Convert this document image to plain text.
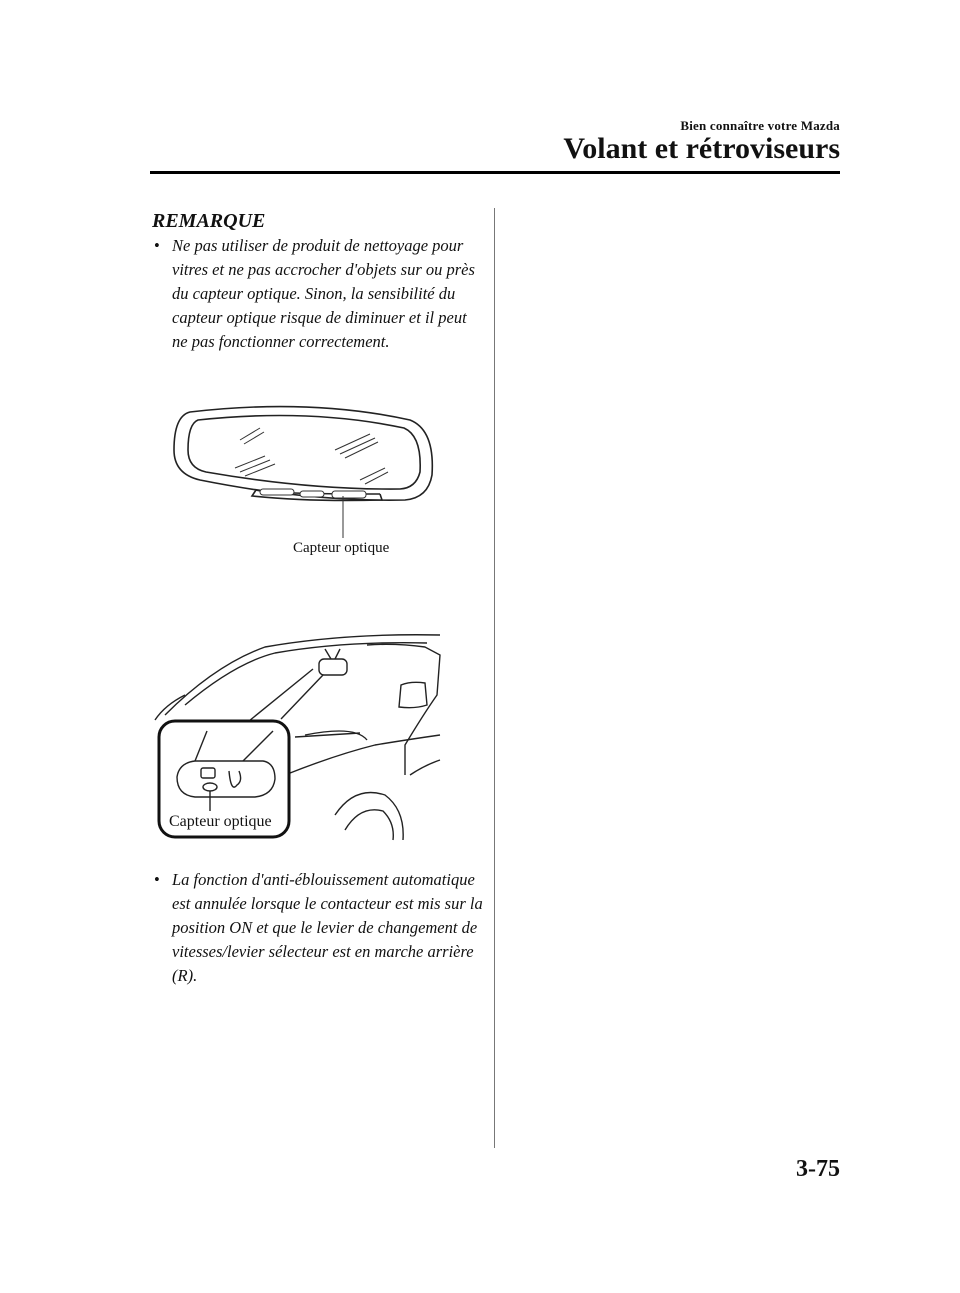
Bien connaître votre Mazda
Volant et rétroviseurs
REMARQUE
• Ne pas utiliser de produit de nettoyage pour vitres et ne pas accrocher d'objets sur ou près du capteur optique. Sinon, la sensibilité du capteur optique risque de diminuer et il peut ne pas fonctionner correctement.
Capteur optique
Capteur optique
• La fonction d'anti-éblouissement automatique est annulée lorsque le contacteur est mis sur la position ON et que le levier de changement de vitesses/levier sélecteur est en marche arrière (R).
3-75
